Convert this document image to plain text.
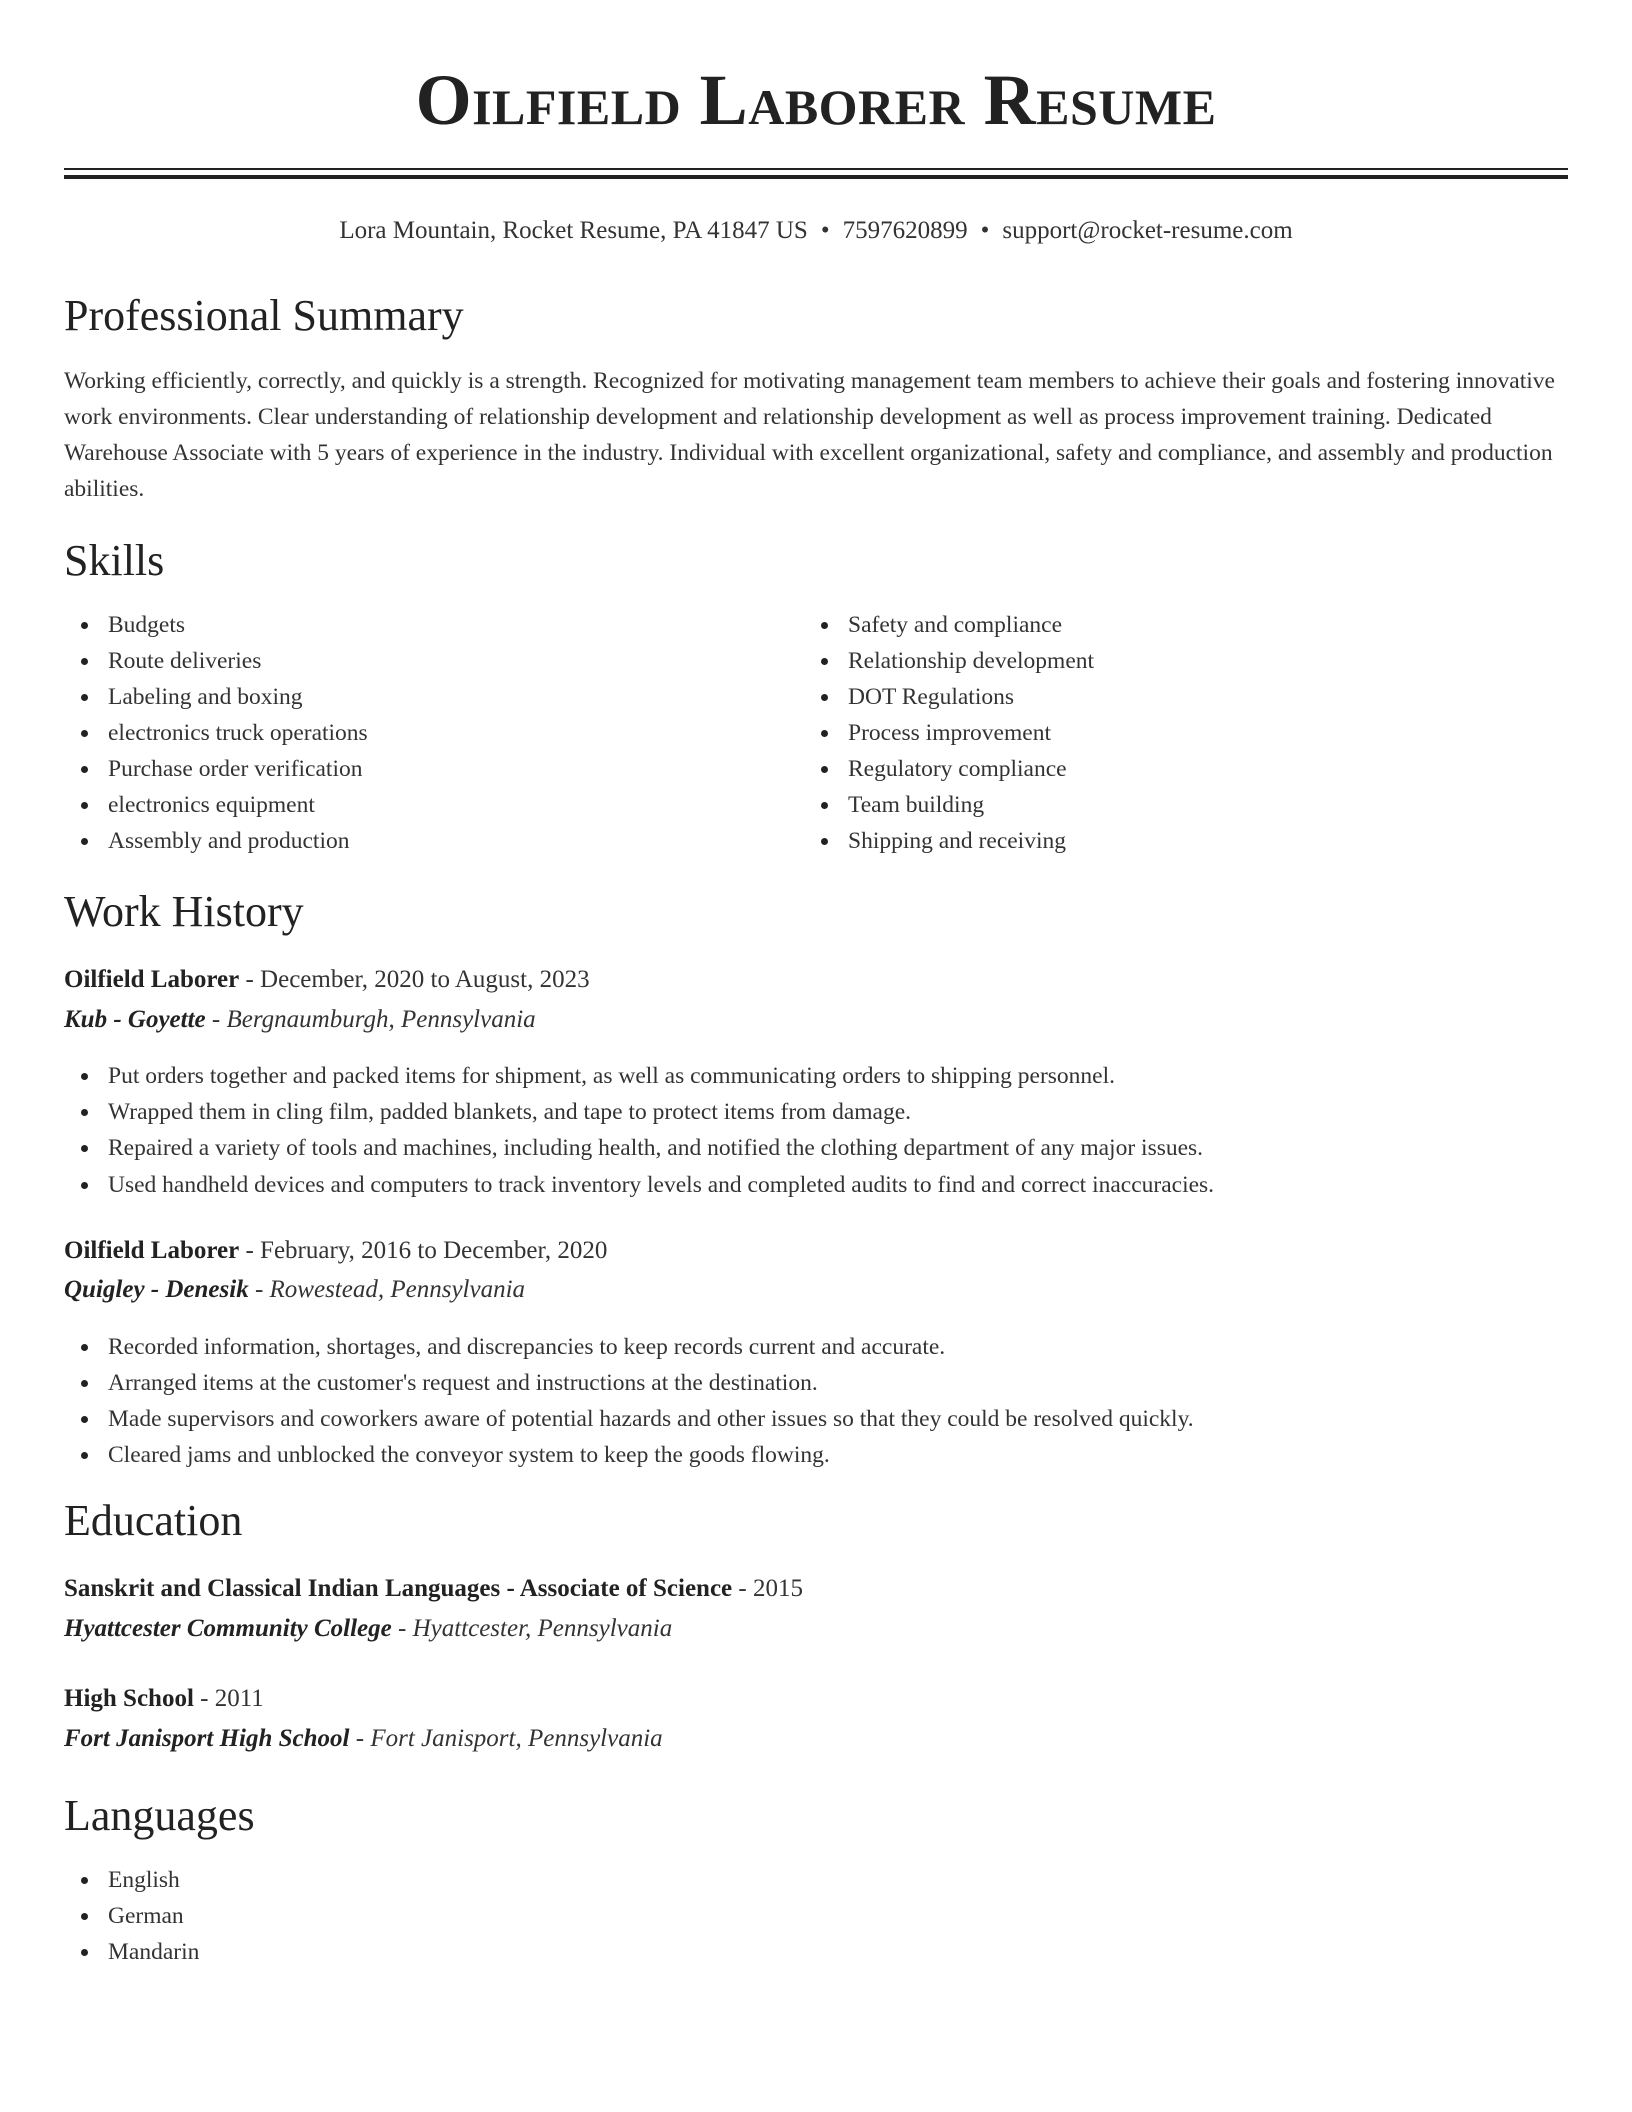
Oilfield Laborer Resume
Lora Mountain, Rocket Resume, PA 41847 US • 7597620899 • support@rocket-resume.com
Professional Summary

Working efficiently, correctly, and quickly is a strength. Recognized for motivating management team members to achieve their goals and fostering innovative work environments. Clear understanding of relationship development and relationship development as well as process improvement training. Dedicated Warehouse Associate with 5 years of experience in the industry. Individual with excellent organizational, safety and compliance, and assembly and production abilities.

Skills
Budgets
Route deliveries
Labeling and boxing
electronics truck operations
Purchase order verification
electronics equipment
Assembly and production
Safety and compliance
Relationship development
DOT Regulations
Process improvement
Regulatory compliance
Team building
Shipping and receiving
Work History
Oilfield Laborer - December, 2020 to August, 2023
Kub - Goyette - Bergnaumburgh, Pennsylvania
Put orders together and packed items for shipment, as well as communicating orders to shipping personnel.
Wrapped them in cling film, padded blankets, and tape to protect items from damage.
Repaired a variety of tools and machines, including health, and notified the clothing department of any major issues.
Used handheld devices and computers to track inventory levels and completed audits to find and correct inaccuracies.
Oilfield Laborer - February, 2016 to December, 2020
Quigley - Denesik - Rowestead, Pennsylvania
Recorded information, shortages, and discrepancies to keep records current and accurate.
Arranged items at the customer's request and instructions at the destination.
Made supervisors and coworkers aware of potential hazards and other issues so that they could be resolved quickly.
Cleared jams and unblocked the conveyor system to keep the goods flowing.
Education
Sanskrit and Classical Indian Languages - Associate of Science - 2015
Hyattcester Community College - Hyattcester, Pennsylvania
High School - 2011
Fort Janisport High School - Fort Janisport, Pennsylvania
Languages
English
German
Mandarin
